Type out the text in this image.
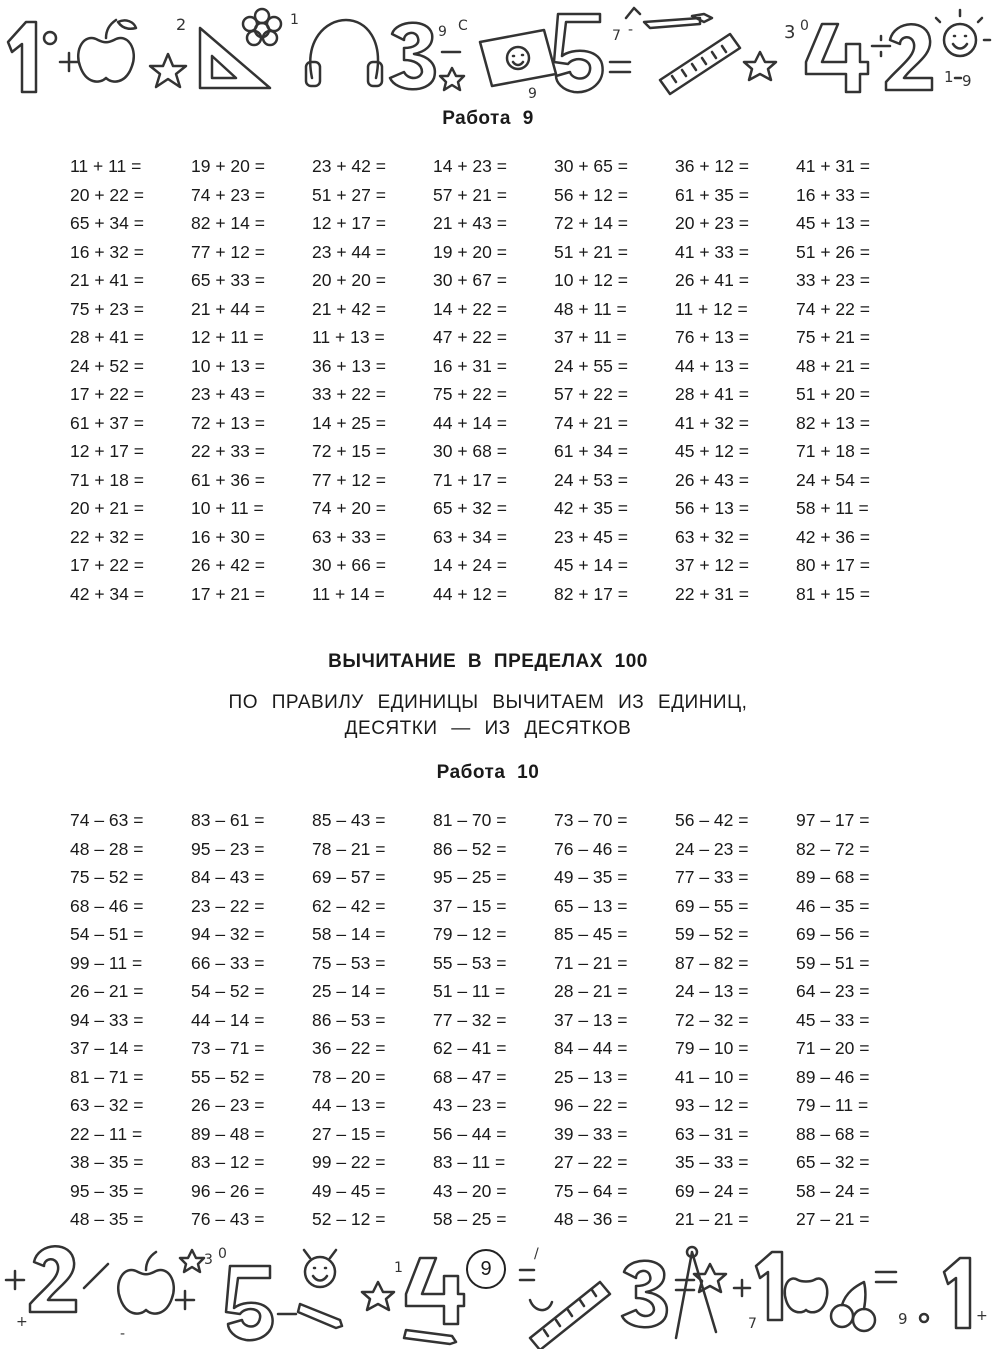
2	1
9 C
9
7 -	3 0
1 9
Работа 9
11 + 11 =	19 + 20 =	23 + 42 =	14 + 23 =	30 + 65 =	36 + 12 =	41 + 31 =
20 + 22 =	74 + 23 =	51 + 27 =	57 + 21 =	56 + 12 =	61 + 35 =	16 + 33 =
65 + 34 =	82 + 14 =	12 + 17 =	21 + 43 =	72 + 14 =	20 + 23 =	45 + 13 =
16 + 32 =	77 + 12 =	23 + 44 =	19 + 20 =	51 + 21 =	41 + 33 =	51 + 26 =
21 + 41 =	65 + 33 =	20 + 20 =	30 + 67 =	10 + 12 =	26 + 41 =	33 + 23 =
75 + 23 =	21 + 44 =	21 + 42 =	14 + 22 =	48 + 11 =	11 + 12 =	74 + 22 =
28 + 41 =	12 + 11 =	11 + 13 =	47 + 22 =	37 + 11 =	76 + 13 =	75 + 21 =
24 + 52 =	10 + 13 =	36 + 13 =	16 + 31 =	24 + 55 =	44 + 13 =	48 + 21 =
17 + 22 =	23 + 43 =	33 + 22 =	75 + 22 =	57 + 22 =	28 + 41 =	51 + 20 =
61 + 37 =	72 + 13 =	14 + 25 =	44 + 14 =	74 + 21 =	41 + 32 =	82 + 13 =
12 + 17 =	22 + 33 =	72 + 15 =	30 + 68 =	61 + 34 =	45 + 12 =	71 + 18 =
71 + 18 =	61 + 36 =	77 + 12 =	71 + 17 =	24 + 53 =	26 + 43 =	24 + 54 =
20 + 21 =	10 + 11 =	74 + 20 =	65 + 32 =	42 + 35 =	56 + 13 =	58 + 11 =
22 + 32 =	16 + 30 =	63 + 33 =	63 + 34 =	23 + 45 =	63 + 32 =	42 + 36 =
17 + 22 =	26 + 42 =	30 + 66 =	14 + 24 =	45 + 14 =	37 + 12 =	80 + 17 =
42 + 34 =	17 + 21 =	11 + 14 =	44 + 12 =	82 + 17 =	22 + 31 =	81 + 15 =
ВЫЧИТАНИЕ В ПРЕДЕЛАХ 100

ПО ПРАВИЛУ ЕДИНИЦЫ ВЫЧИТАЕМ ИЗ ЕДИНИЦ,
ДЕСЯТКИ — ИЗ ДЕСЯТКОВ

Работа 10
74 – 63 =	83 – 61 =	85 – 43 =	81 – 70 =	73 – 70 =	56 – 42 =	97 – 17 =
48 – 28 =	95 – 23 =	78 – 21 =	86 – 52 =	76 – 46 =	24 – 23 =	82 – 72 =
75 – 52 =	84 – 43 =	69 – 57 =	95 – 25 =	49 – 35 =	77 – 33 =	89 – 68 =
68 – 46 =	23 – 22 =	62 – 42 =	37 – 15 =	65 – 13 =	69 – 55 =	46 – 35 =
54 – 51 =	94 – 32 =	58 – 14 =	79 – 12 =	85 – 45 =	59 – 52 =	69 – 56 =
99 – 11 =	66 – 33 =	75 – 53 =	55 – 53 =	71 – 21 =	87 – 82 =	59 – 51 =
26 – 21 =	54 – 52 =	25 – 14 =	51 – 11 =	28 – 21 =	24 – 13 =	64 – 23 =
94 – 33 =	44 – 14 =	86 – 53 =	77 – 32 =	37 – 13 =	72 – 32 =	45 – 33 =
37 – 14 =	73 – 71 =	36 – 22 =	62 – 41 =	84 – 44 =	79 – 10 =	71 – 20 =
81 – 71 =	55 – 52 =	78 – 20 =	68 – 47 =	25 – 13 =	41 – 10 =	89 – 46 =
63 – 32 =	26 – 23 =	44 – 13 =	43 – 23 =	96 – 22 =	93 – 12 =	79 – 11 =
22 – 11 =	89 – 48 =	27 – 15 =	56 – 44 =	39 – 33 =	63 – 31 =	88 – 68 =
38 – 35 =	83 – 12 =	99 – 22 =	83 – 11 =	27 – 22 =	35 – 33 =	65 – 32 =
95 – 35 =	96 – 26 =	49 – 45 =	43 – 20 =	75 – 64 =	69 – 24 =	58 – 24 =
48 – 35 =	76 – 43 =	52 – 12 =	58 – 25 =	48 – 36 =	21 – 21 =	27 – 21 =
+
-
3 0
1
/
7	9	+
9
